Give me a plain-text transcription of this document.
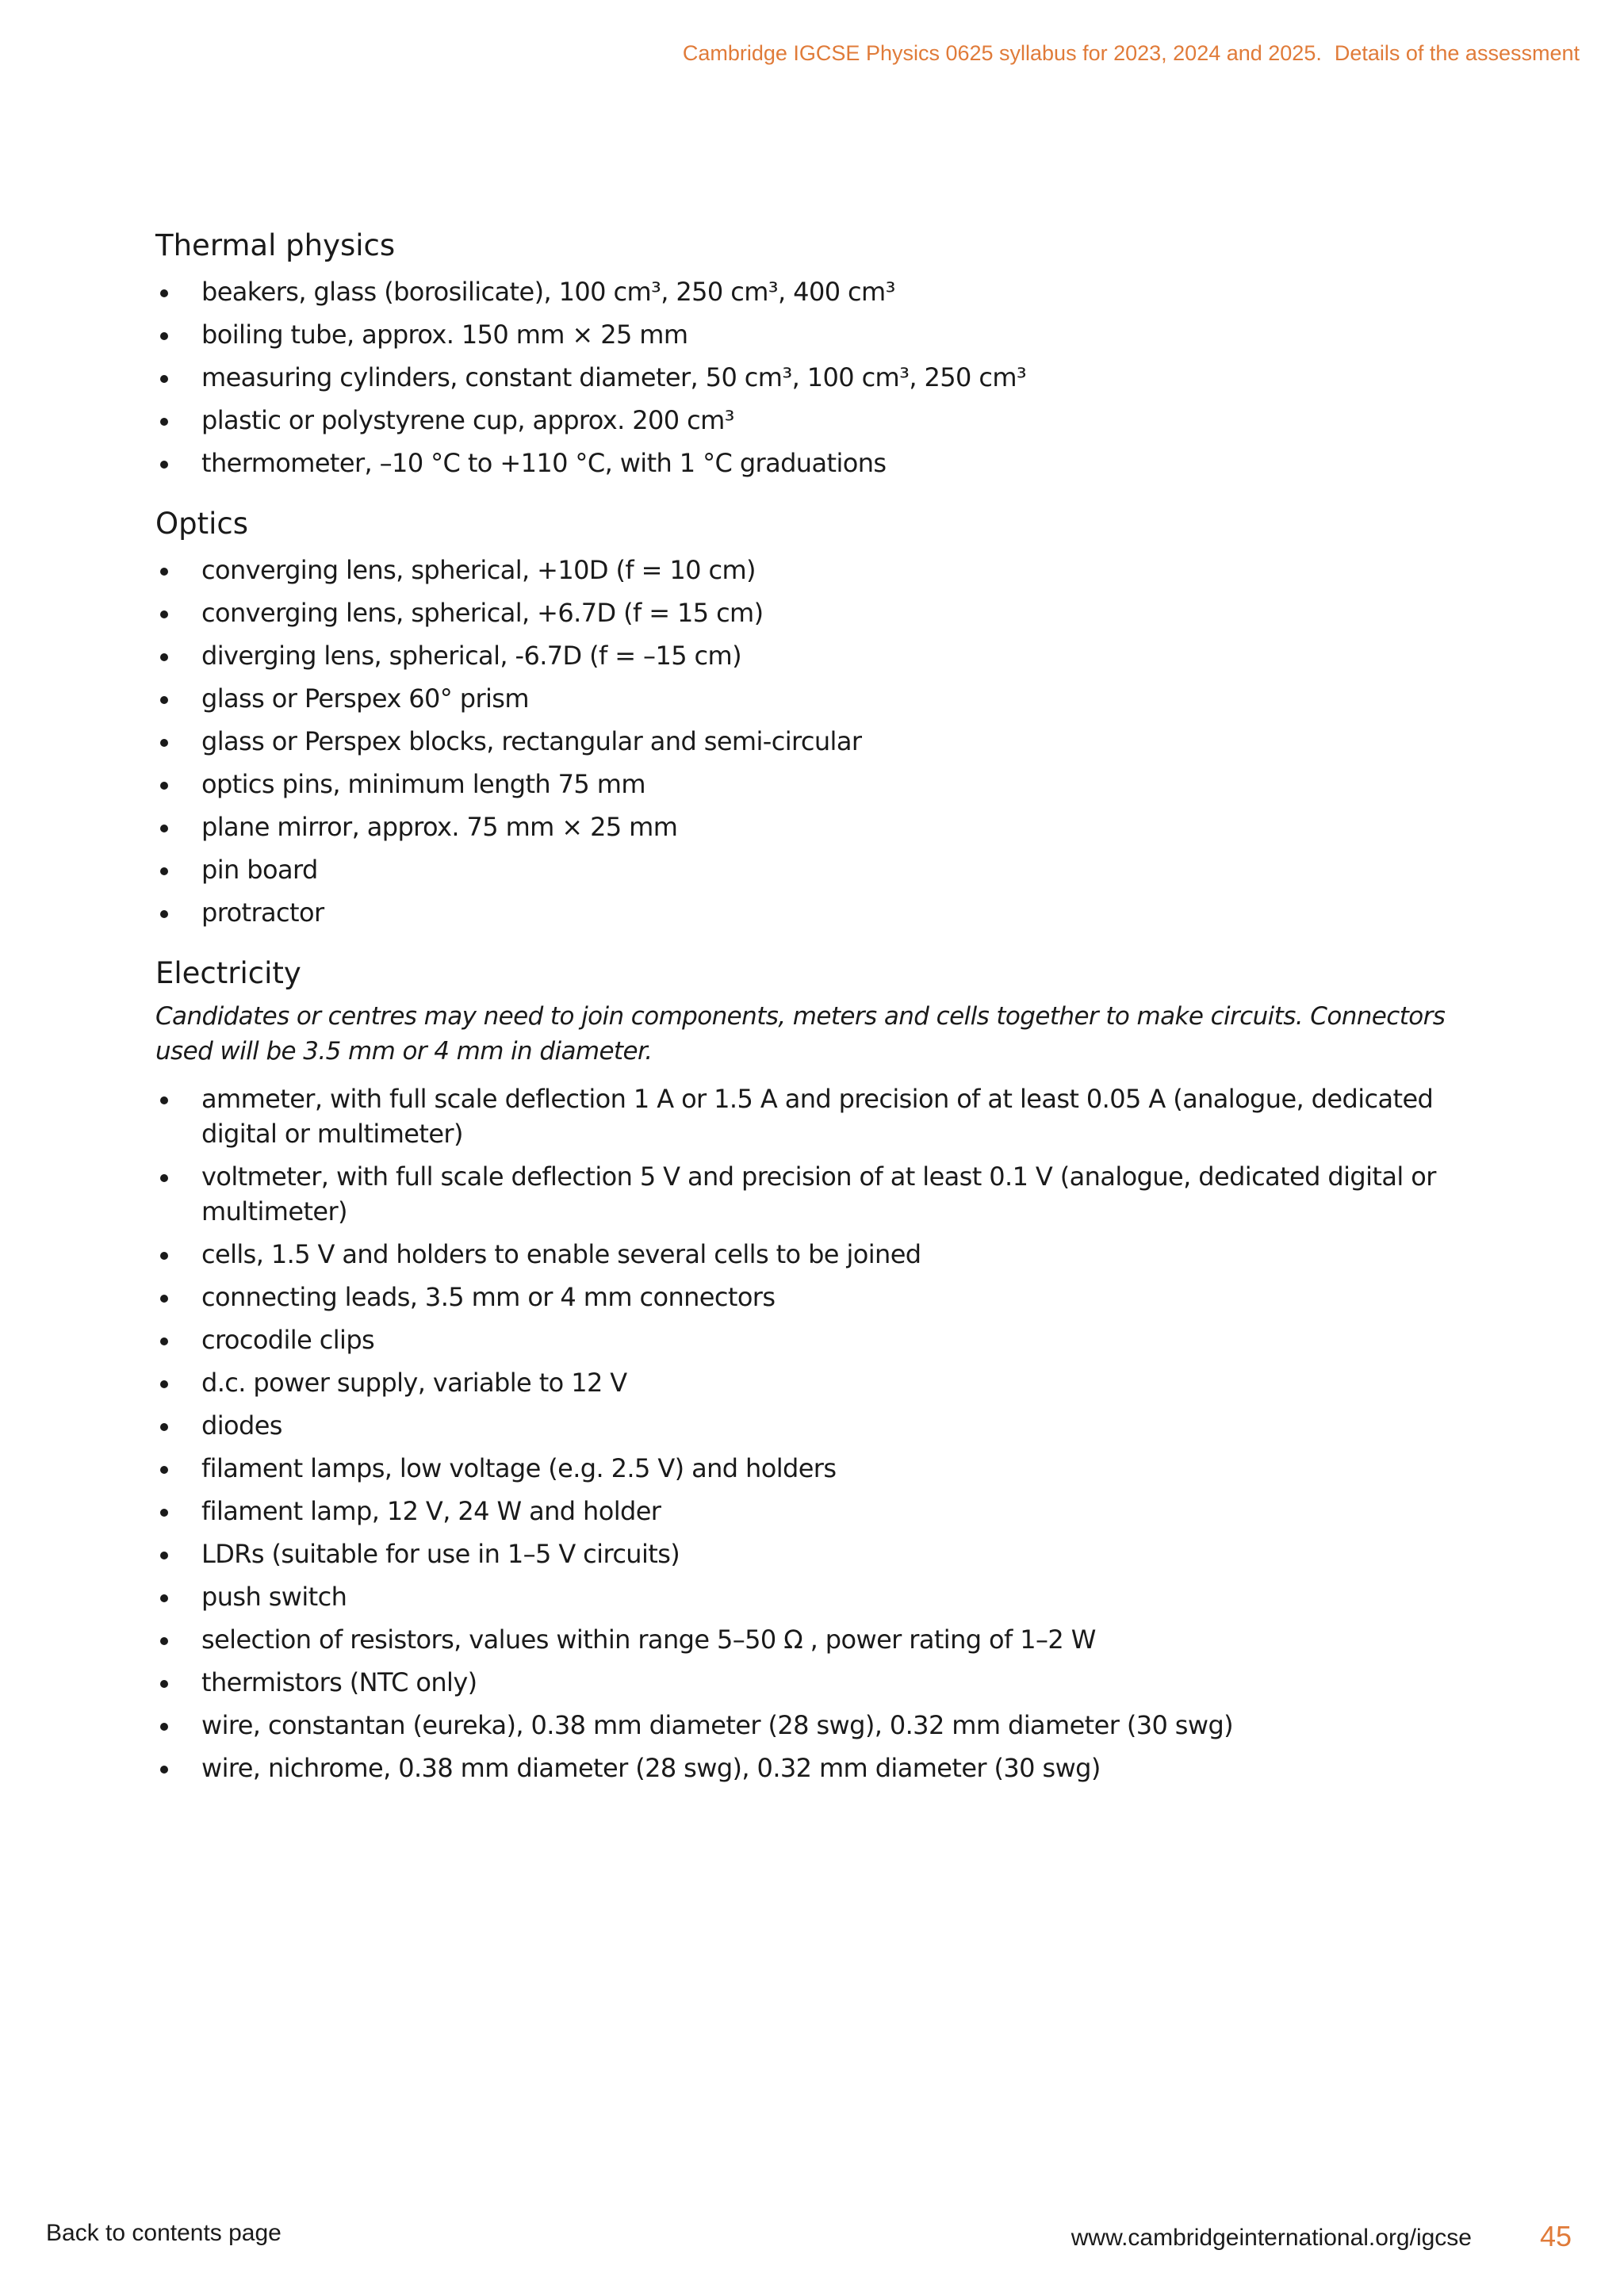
Cambridge IGCSE Physics 0625 syllabus for 2023, 2024 and 2025. Details of the assessment
Thermal physics
beakers, glass (borosilicate), 100 cm³, 250 cm³, 400 cm³
boiling tube, approx. 150 mm × 25 mm
measuring cylinders, constant diameter, 50 cm³, 100 cm³, 250 cm³
plastic or polystyrene cup, approx. 200 cm³
thermometer, –10 °C to +110 °C, with 1 °C graduations
Optics
converging lens, spherical, +10D (f = 10 cm)
converging lens, spherical, +6.7D (f = 15 cm)
diverging lens, spherical, -6.7D (f = –15 cm)
glass or Perspex 60° prism
glass or Perspex blocks, rectangular and semi-circular
optics pins, minimum length 75 mm
plane mirror, approx. 75 mm × 25 mm
pin board
protractor
Electricity

Candidates or centres may need to join components, meters and cells together to make circuits. Connectors used will be 3.5 mm or 4 mm in diameter.

ammeter, with full scale deflection 1 A or 1.5 A and precision of at least 0.05 A (analogue, dedicated digital or multimeter)
voltmeter, with full scale deflection 5 V and precision of at least 0.1 V (analogue, dedicated digital or multimeter)
cells, 1.5 V and holders to enable several cells to be joined
connecting leads, 3.5 mm or 4 mm connectors
crocodile clips
d.c. power supply, variable to 12 V
diodes
filament lamps, low voltage (e.g. 2.5 V) and holders
filament lamp, 12 V, 24 W and holder
LDRs (suitable for use in 1–5 V circuits)
push switch
selection of resistors, values within range 5–50 Ω , power rating of 1–2 W
thermistors (NTC only)
wire, constantan (eureka), 0.38 mm diameter (28 swg), 0.32 mm diameter (30 swg)
wire, nichrome, 0.38 mm diameter (28 swg), 0.32 mm diameter (30 swg)
Back to contents page	www.cambridgeinternational.org/igcse 45
